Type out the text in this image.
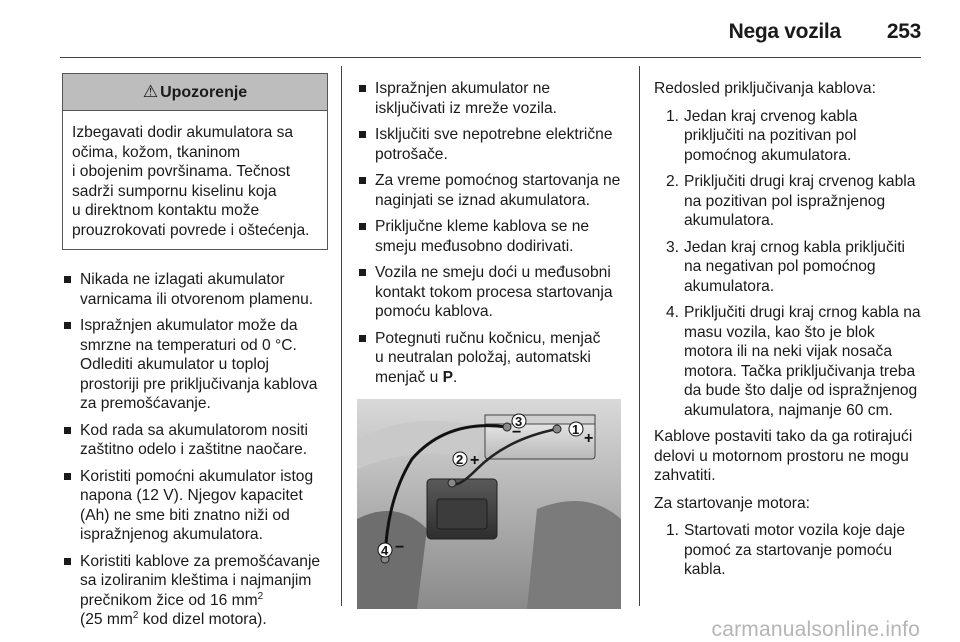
Nega vozila 253
⚠ Upozorenje
Izbegavati dodir akumulatora sa
očima, kožom, tkaninom
i obojenim površinama. Tečnost
sadrži sumpornu kiselinu koja
u direktnom kontaktu može
prouzrokovati povrede i oštećenja.
Nikada ne izlagati akumulator
varnicama ili otvorenom plamenu.
Ispražnjen akumulator može da
smrzne na temperaturi od 0 °C.
Odlediti akumulator u toploj
prostoriji pre priključivanja kablova
za premošćavanje.
Kod rada sa akumulatorom nositi
zaštitno odelo i zaštitne naočare.
Koristiti pomoćni akumulator istog
napona (12 V). Njegov kapacitet
(Ah) ne sme biti znatno niži od
ispražnjenog akumulatora.
Koristiti kablove za premošćavanje
sa izoliranim kleštima i najmanjim
prečnikom žice od 16 $mm^2$
(25 $mm^2$ kod dizel motora).
Ispražnjen akumulator ne
isključivati iz mreže vozila.
Isključiti sve nepotrebne električne
potrošače.
Za vreme pomoćnog startovanja ne
naginjati se iznad akumulatora.
Priključne kleme kablova se ne
smeju međusobno dodirivati.
Vozila ne smeju doći u međusobni
kontakt tokom procesa startovanja
pomoću kablova.
Potegnuti ručnu kočnicu, menjač
u neutralan položaj, automatski
menjač u P.
1
+
3
−
2 +
4 −
Redosled priključivanja kablova:
1. Jedan kraj crvenog kabla
priključiti na pozitivan pol
pomoćnog akumulatora.
2. Priključiti drugi kraj crvenog kabla
na pozitivan pol ispražnjenog
akumulatora.
3. Jedan kraj crnog kabla priključiti
na negativan pol pomoćnog
akumulatora.
4. Priključiti drugi kraj crnog kabla na
masu vozila, kao što je blok
motora ili na neki vijak nosača
motora. Tačka priključivanja treba
da bude što dalje od ispražnjenog
akumulatora, najmanje 60 cm.
Kablove postaviti tako da ga rotirajući
delovi u motornom prostoru ne mogu
zahvatiti.
Za startovanje motora:
1. Startovati motor vozila koje daje
pomoć za startovanje pomoću
kabla.
carmanualsonline.info
